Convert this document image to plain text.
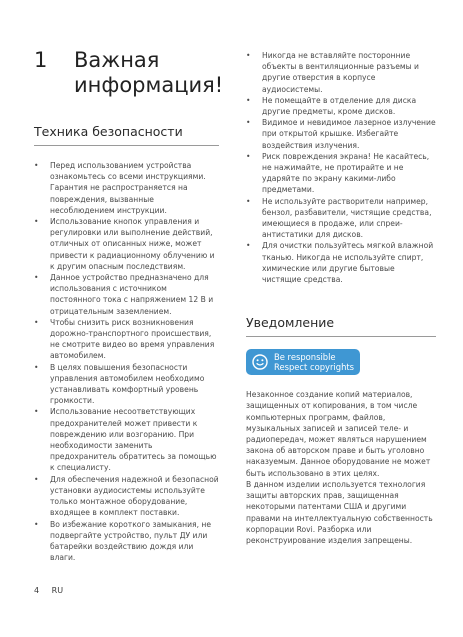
1 Важная
информация!
Техника безопасности
• Перед использованием устройства ознакомьтесь со всеми инструкциями. Гарантия не распространяется на повреждения, вызванные несоблюдением инструкции.
• Использование кнопок управления и регулировки или выполнение действий, отличных от описанных ниже, может привести к радиационному облучению и к другим опасным последствиям.
• Данное устройство предназначено для использования с источником постоянного тока с напряжением 12 В и отрицательным заземлением.
• Чтобы снизить риск возникновения дорожно-транспортного происшествия, не смотрите видео во время управления автомобилем.
• В целях повышения безопасности управления автомобилем необходимо устанавливать комфортный уровень громкости.
• Использование несоответствующих предохранителей может привести к повреждению или возгоранию. При необходимости заменить предохранитель обратитесь за помощью к специалисту.
• Для обеспечения надежной и безопасной установки аудиосистемы используйте только монтажное оборудование, входящее в комплект поставки.
• Во избежание короткого замыкания, не подвергайте устройство, пульт ДУ или батарейки воздействию дождя или влаги.
• Никогда не вставляйте посторонние объекты в вентиляционные разъемы и другие отверстия в корпусе аудиосистемы.
• Не помещайте в отделение для диска другие предметы, кроме дисков.
• Видимое и невидимое лазерное излучение при открытой крышке. Избегайте воздействия излучения.
• Риск повреждения экрана! Не касайтесь, не нажимайте, не протирайте и не ударяйте по экрану какими-либо предметами.
• Не используйте растворители например, бензол, разбавители, чистящие средства, имеющиеся в продаже, или спреи-антистатики для дисков.
• Для очистки пользуйтесь мягкой влажной тканью. Никогда не используйте спирт, химические или другие бытовые чистящие средства.
Уведомление
Be responsible
Respect copyrights

Незаконное создание копий материалов, защищенных от копирования, в том числе компьютерных программ, файлов, музыкальных записей и записей теле- и радиопередач, может являться нарушением закона об авторском праве и быть уголовно наказуемым. Данное оборудование не может быть использовано в этих целях.

В данном изделии используется технология защиты авторских прав, защищенная некоторыми патентами США и другими правами на интеллектуальную собственность корпорации Rovi. Разборка или реконструирование изделия запрещены.

4 RU
